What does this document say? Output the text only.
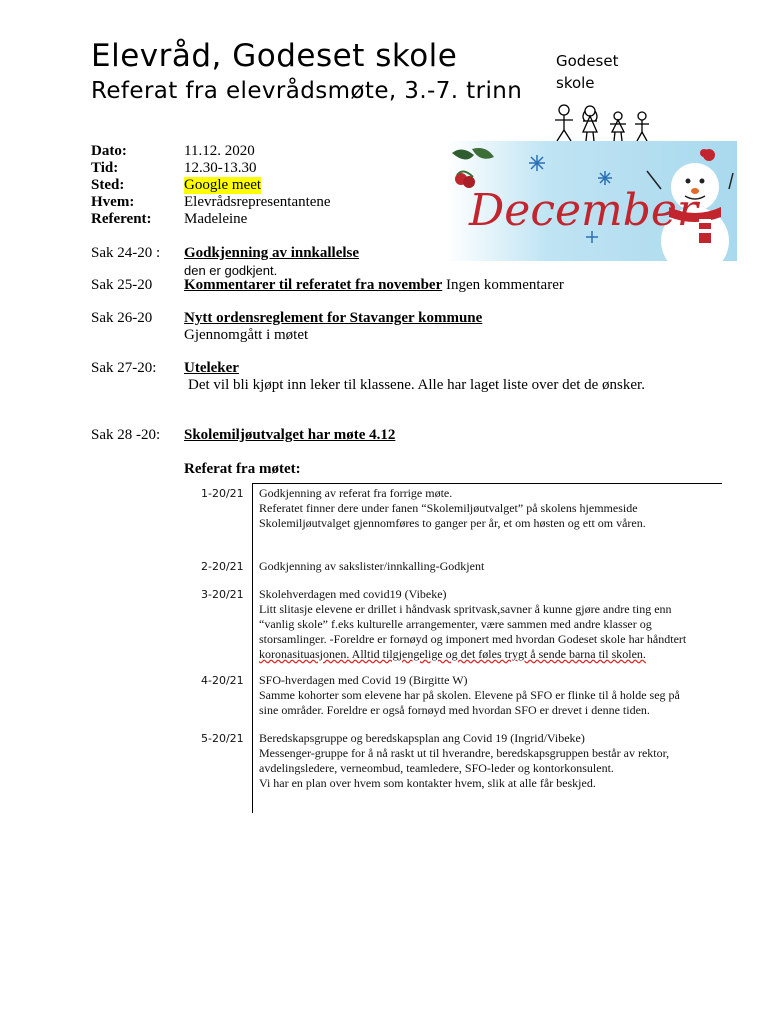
Elevråd, Godeset skole
Referat fra elevrådsmøte, 3.-7. trinn
Godeset
skole
Dato:	11.12. 2020
Tid:	12.30-13.30
Sted:	Google meet
Hvem:	Elevrådsrepresentantene
Referent:	Madeleine	December
Sak 24-20 : Godkjenning av innkallelse
den er godkjent.
Sak 25-20 Kommentarer til referatet fra november Ingen kommentarer
Sak 26-20 Nytt ordensreglement for Stavanger kommune
Gjennomgått i møtet
Sak 27-20: Uteleker
Det vil bli kjøpt inn leker til klassene. Alle har laget liste over det de ønsker.
Sak 28 -20: Skolemiljøutvalget har møte 4.12
Referat fra møtet:
1-20/21 Godkjenning av referat fra forrige møte.
Referatet finner dere under fanen “Skolemiljøutvalget” på skolens hjemmeside
Skolemiljøutvalget gjennomføres to ganger per år, et om høsten og ett om våren.
2-20/21 Godkjenning av sakslister/innkalling-Godkjent
3-20/21 Skolehverdagen med covid19 (Vibeke)
Litt slitasje elevene er drillet i håndvask spritvask,savner å kunne gjøre andre ting enn
“vanlig skole” f.eks kulturelle arrangementer, være sammen med andre klasser og
storsamlinger. -Foreldre er fornøyd og imponert med hvordan Godeset skole har håndtert
koronasituasjonen. Alltid tilgjengelige og det føles trygt å sende barna til skolen.
4-20/21 SFO-hverdagen med Covid 19 (Birgitte W)
Samme kohorter som elevene har på skolen. Elevene på SFO er flinke til å holde seg på
sine områder. Foreldre er også fornøyd med hvordan SFO er drevet i denne tiden.
5-20/21 Beredskapsgruppe og beredskapsplan ang Covid 19 (Ingrid/Vibeke)
Messenger-gruppe for å nå raskt ut til hverandre, beredskapsgruppen består av rektor,
avdelingsledere, verneombud, teamledere, SFO-leder og kontorkonsulent.
Vi har en plan over hvem som kontakter hvem, slik at alle får beskjed.
